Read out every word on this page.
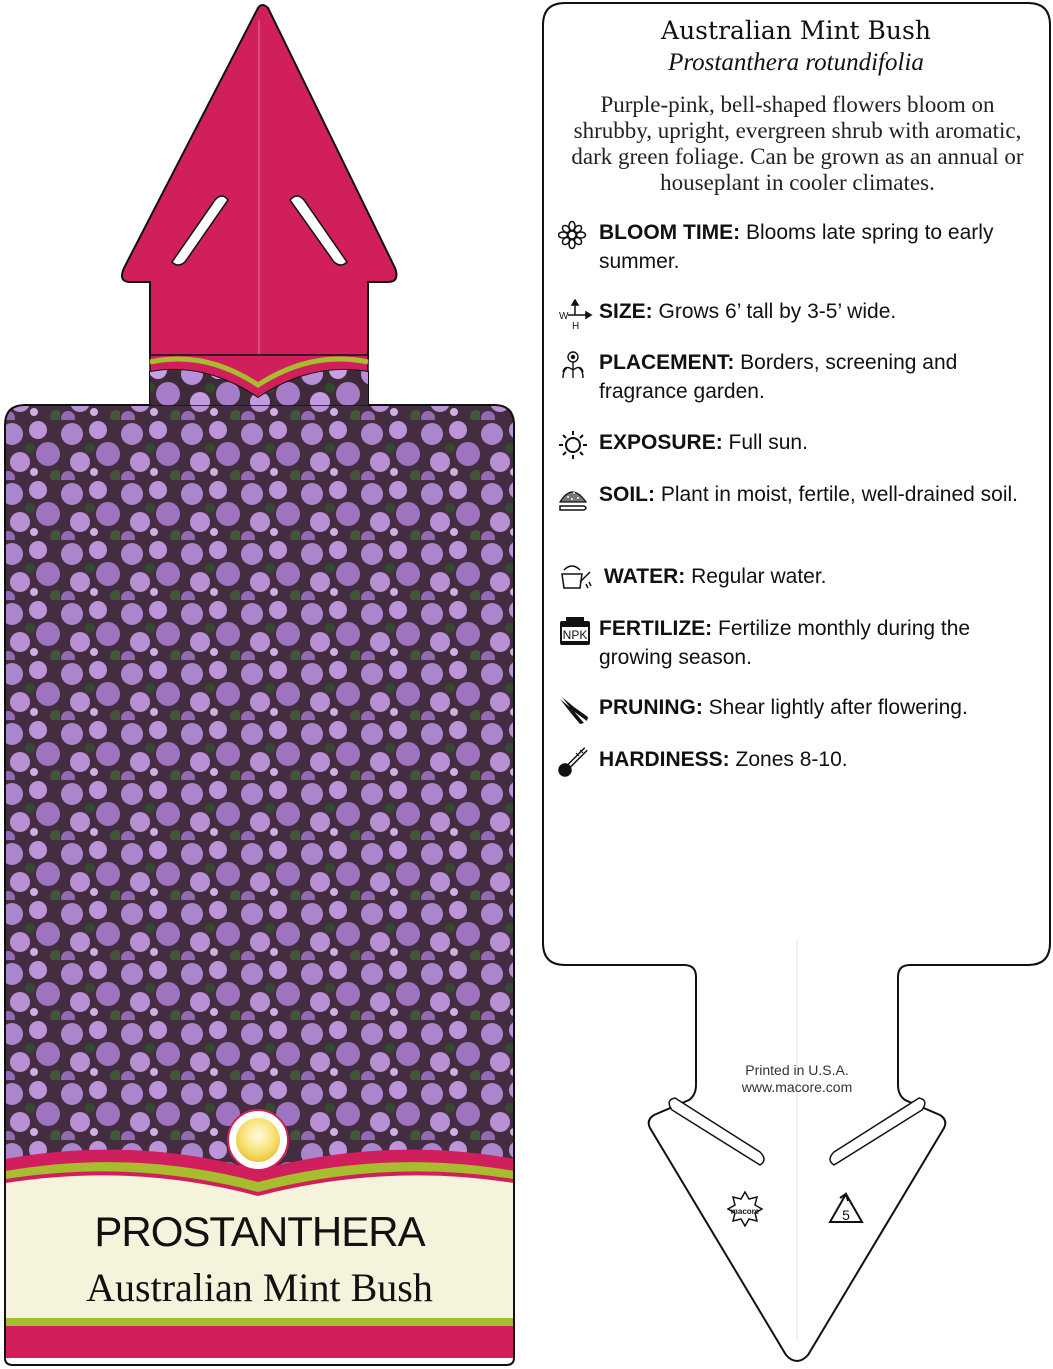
macore	5
Australian Mint Bush
Prostanthera rotundifolia
Purple-pink, bell-shaped flowers bloom on shrubby, upright, evergreen shrub with aromatic, dark green foliage. Can be grown as an annual or houseplant in cooler climates.
BLOOM TIME: Blooms late spring to early summer.
W
H
SIZE: Grows 6’ tall by 3-5’ wide.
PLACEMENT: Borders, screening and fragrance garden.
EXPOSURE: Full sun.
SOIL: Plant in moist, fertile, well-drained soil.
WATER: Regular water.
NPK FERTILIZE: Fertilize monthly during the growing season.
PRUNING: Shear lightly after flowering.
HARDINESS: Zones 8-10.
Printed in U.S.A.
www.macore.com
PROSTANTHERA
Australian Mint Bush
